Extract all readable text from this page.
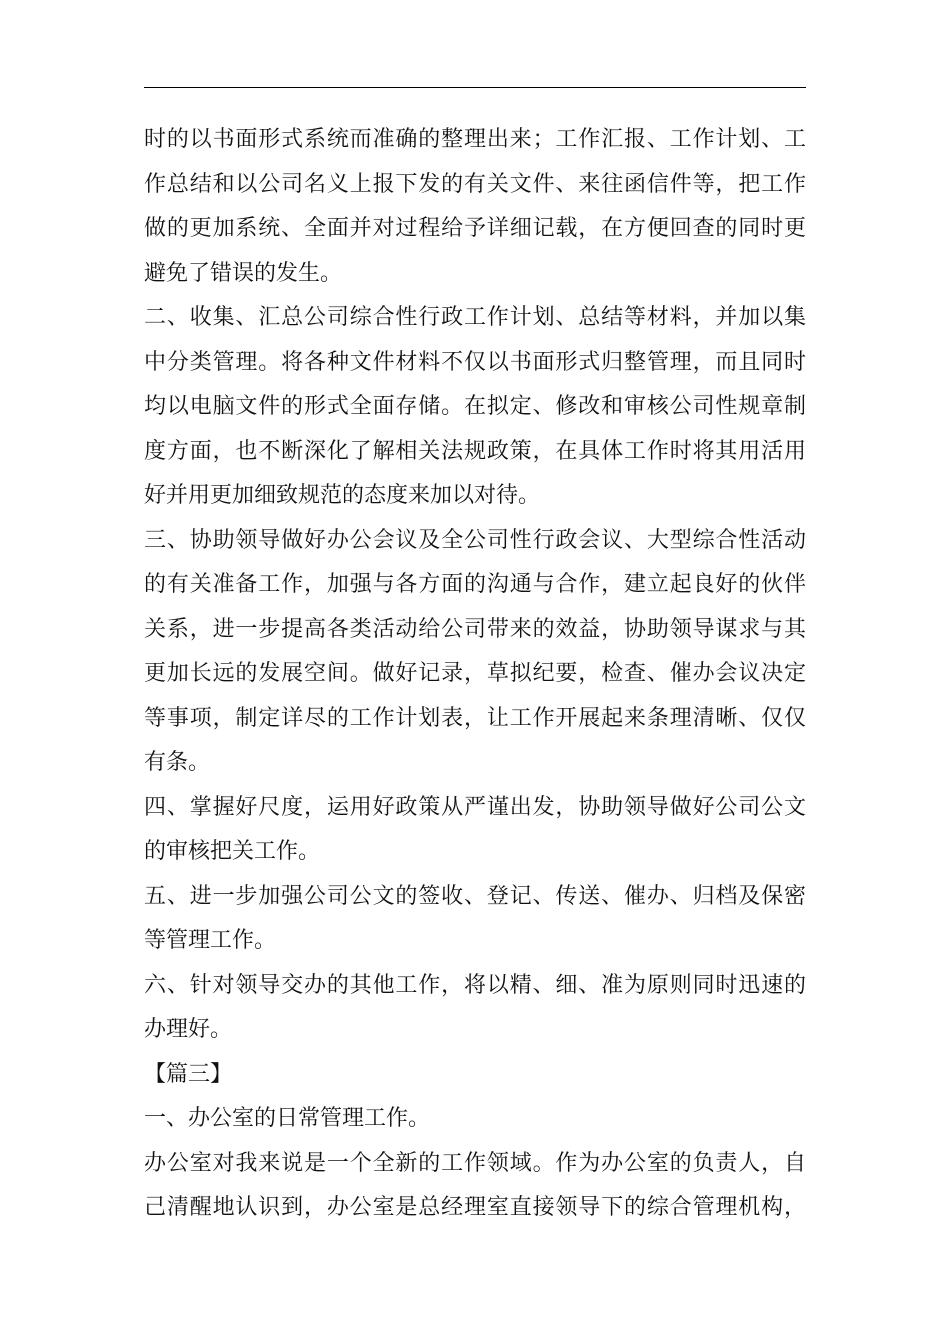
时的以书面形式系统而准确的整理出来；工作汇报、工作计划、工
作总结和以公司名义上报下发的有关文件、来往函信件等，把工作
做的更加系统、全面并对过程给予详细记载，在方便回查的同时更
避免了错误的发生。
二、收集、汇总公司综合性行政工作计划、总结等材料，并加以集
中分类管理。将各种文件材料不仅以书面形式归整管理，而且同时
均以电脑文件的形式全面存储。在拟定、修改和审核公司性规章制
度方面，也不断深化了解相关法规政策，在具体工作时将其用活用
好并用更加细致规范的态度来加以对待。
三、协助领导做好办公会议及全公司性行政会议、大型综合性活动
的有关准备工作，加强与各方面的沟通与合作，建立起良好的伙伴
关系，进一步提高各类活动给公司带来的效益，协助领导谋求与其
更加长远的发展空间。做好记录，草拟纪要，检查、催办会议决定
等事项，制定详尽的工作计划表，让工作开展起来条理清晰、仅仅
有条。
四、掌握好尺度，运用好政策从严谨出发，协助领导做好公司公文
的审核把关工作。
五、进一步加强公司公文的签收、登记、传送、催办、归档及保密
等管理工作。
六、针对领导交办的其他工作，将以精、细、准为原则同时迅速的
办理好。
【篇三】
一、办公室的日常管理工作。
办公室对我来说是一个全新的工作领域。作为办公室的负责人，自
己清醒地认识到，办公室是总经理室直接领导下的综合管理机构，
